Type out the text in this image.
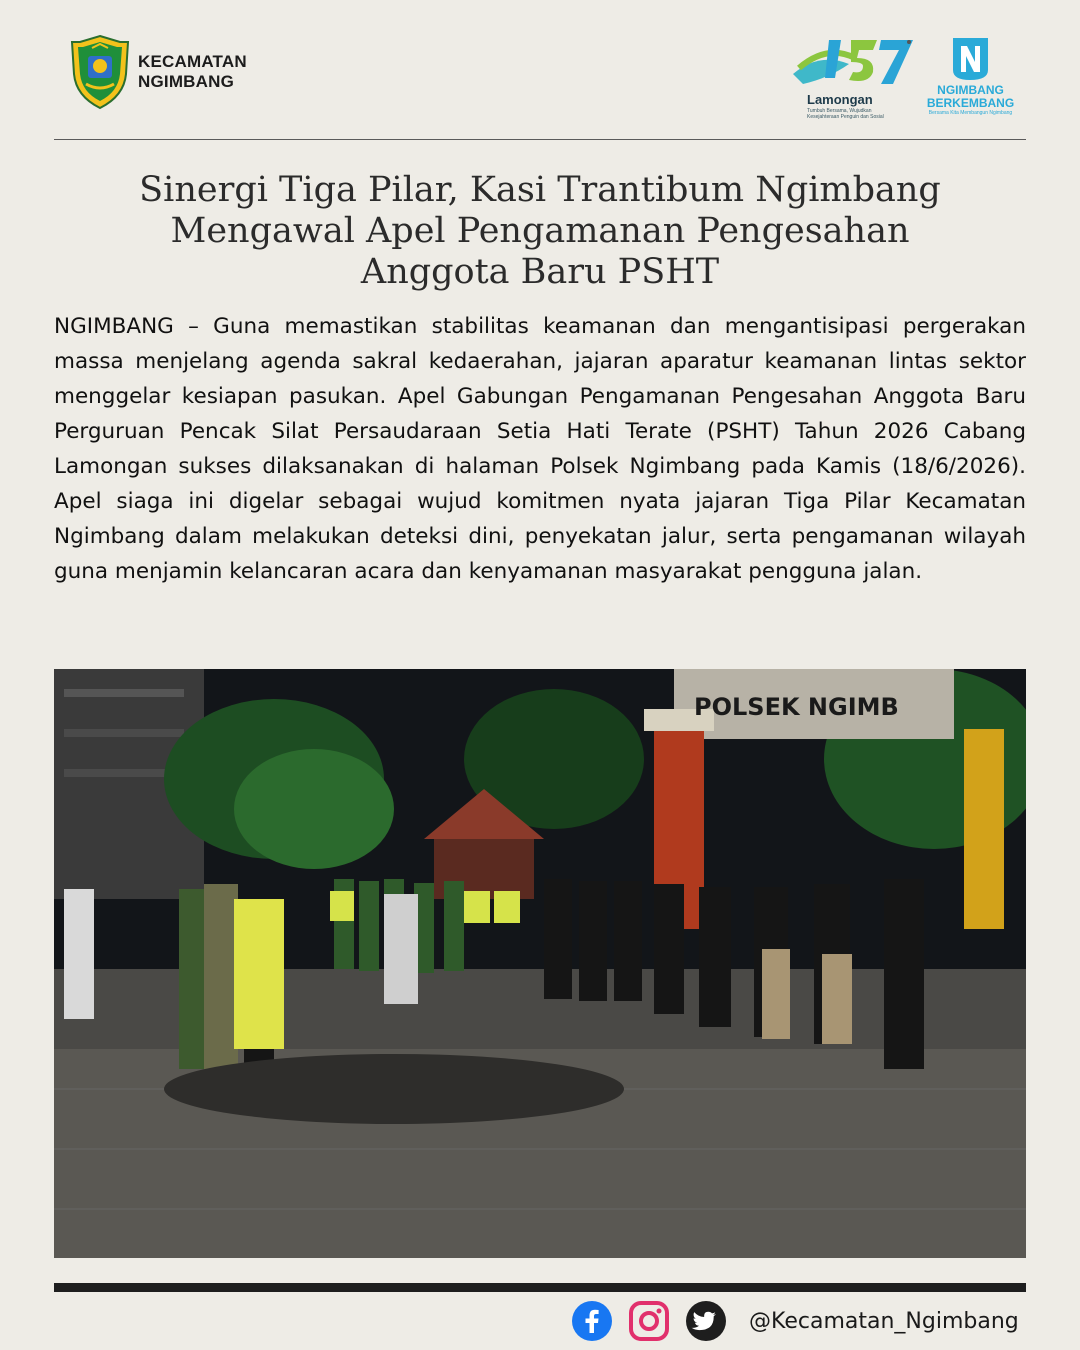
KECAMATAN
NGIMBANG
Lamongan
Tumbuh Bersama, Wujudkan Kesejahteraan Penguin dan Sosial
NGIMBANG
BERKEMBANG
Bersama Kita Membangun Ngimbang
Sinergi Tiga Pilar, Kasi Trantibum Ngimbang Mengawal Apel Pengamanan Pengesahan Anggota Baru PSHT

NGIMBANG – Guna memastikan stabilitas keamanan dan mengantisipasi pergerakan massa menjelang agenda sakral kedaerahan, jajaran aparatur keamanan lintas sektor menggelar kesiapan pasukan. Apel Gabungan Pengamanan Pengesahan Anggota Baru Perguruan Pencak Silat Persaudaraan Setia Hati Terate (PSHT) Tahun 2026 Cabang Lamongan sukses dilaksanakan di halaman Polsek Ngimbang pada Kamis (18/6/2026). Apel siaga ini digelar sebagai wujud komitmen nyata jajaran Tiga Pilar Kecamatan Ngimbang dalam melakukan deteksi dini, penyekatan jalur, serta pengamanan wilayah guna menjamin kelancaran acara dan kenyamanan masyarakat pengguna jalan.

POLSEK NGIMB
@Kecamatan_Ngimbang
